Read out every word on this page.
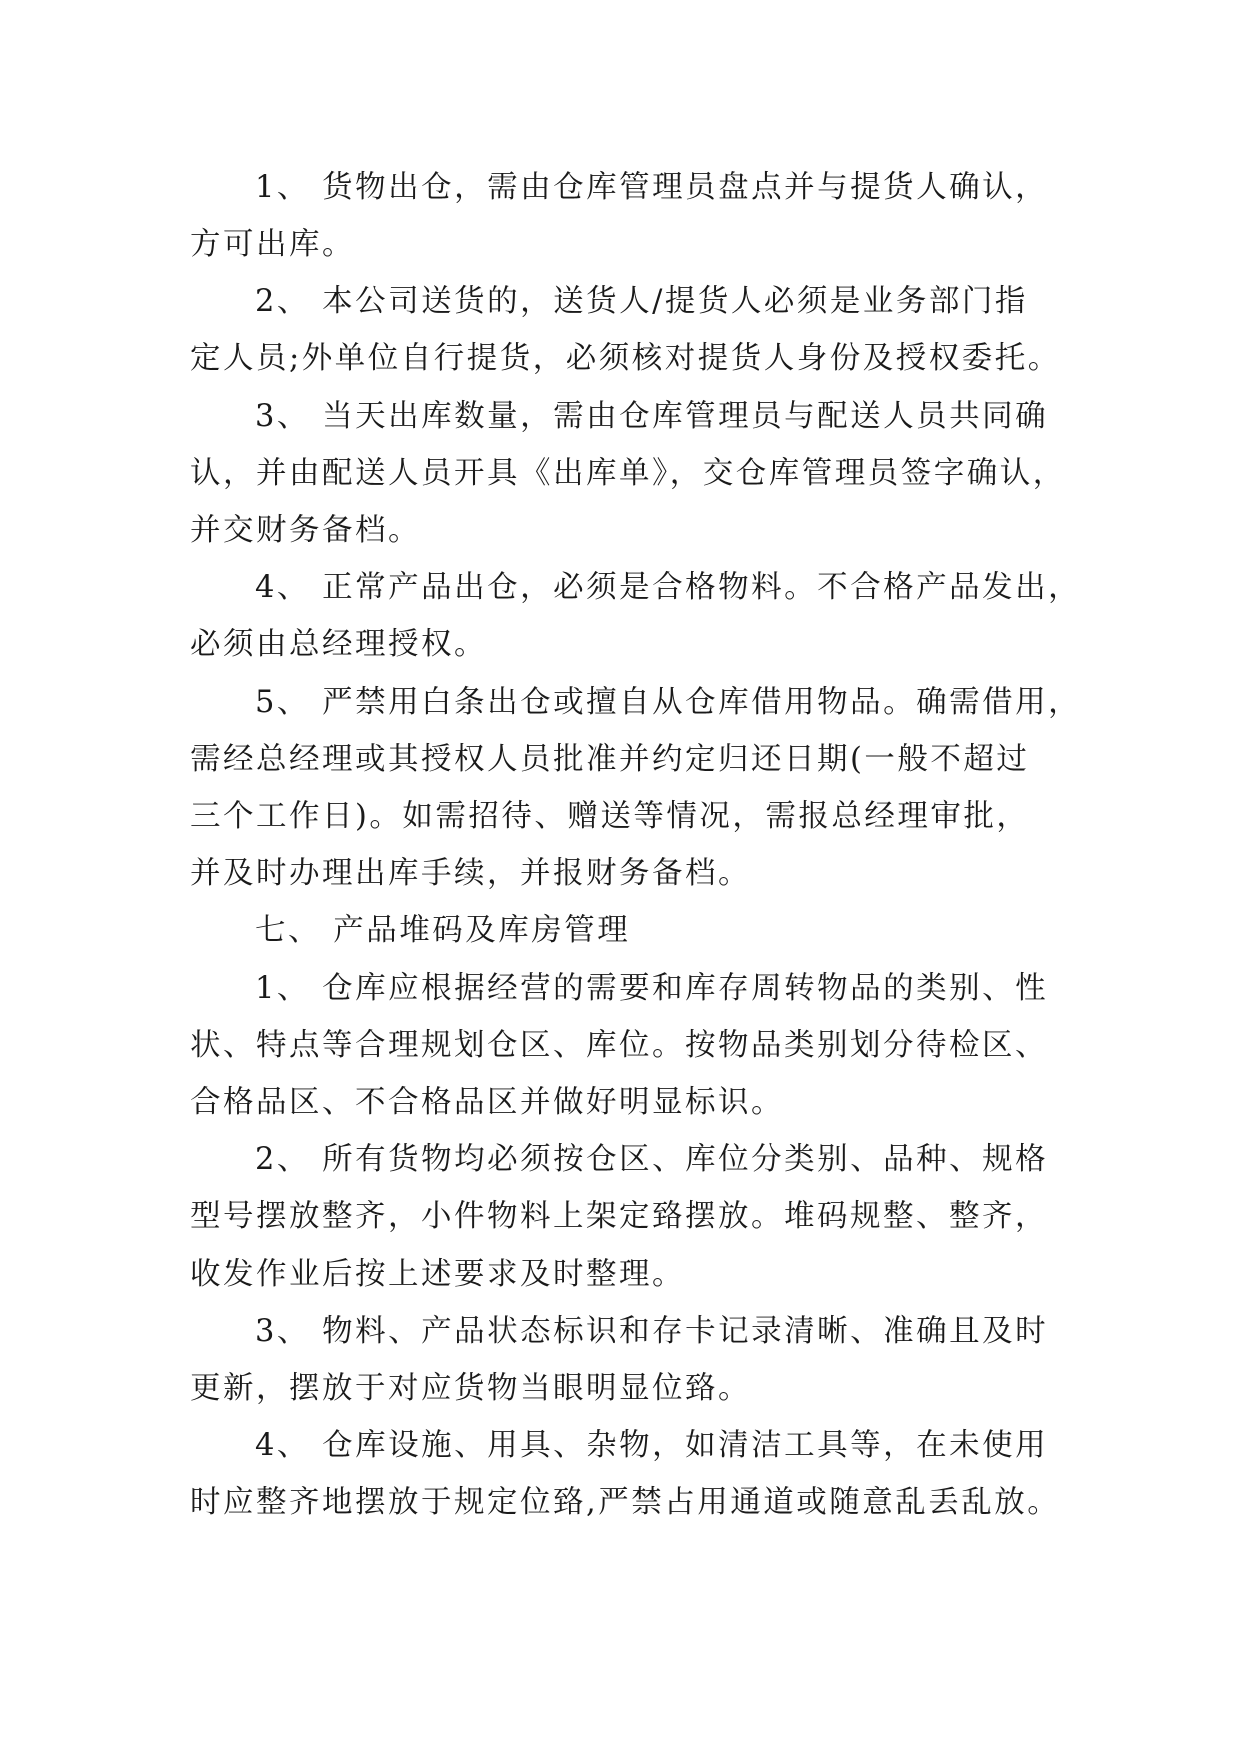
1、 货物出仓，需由仓库管理员盘点并与提货人确认，

方可出库。

2、 本公司送货的，送货人/提货人必须是业务部门指

定人员;外单位自行提货，必须核对提货人身份及授权委托。

3、 当天出库数量，需由仓库管理员与配送人员共同确

认，并由配送人员开具《出库单》，交仓库管理员签字确认，

并交财务备档。

4、 正常产品出仓，必须是合格物料。不合格产品发出，

必须由总经理授权。

5、 严禁用白条出仓或擅自从仓库借用物品。确需借用，

需经总经理或其授权人员批准并约定归还日期(一般不超过

三个工作日)。如需招待、赠送等情况，需报总经理审批，

并及时办理出库手续，并报财务备档。

七、 产品堆码及库房管理

1、 仓库应根据经营的需要和库存周转物品的类别、性

状、特点等合理规划仓区、库位。按物品类别划分待检区、

合格品区、不合格品区并做好明显标识。

2、 所有货物均必须按仓区、库位分类别、品种、规格

型号摆放整齐，小件物料上架定臵摆放。堆码规整、整齐，

收发作业后按上述要求及时整理。

3、 物料、产品状态标识和存卡记录清晰、准确且及时

更新，摆放于对应货物当眼明显位臵。

4、 仓库设施、用具、杂物，如清洁工具等，在未使用

时应整齐地摆放于规定位臵,严禁占用通道或随意乱丢乱放。
